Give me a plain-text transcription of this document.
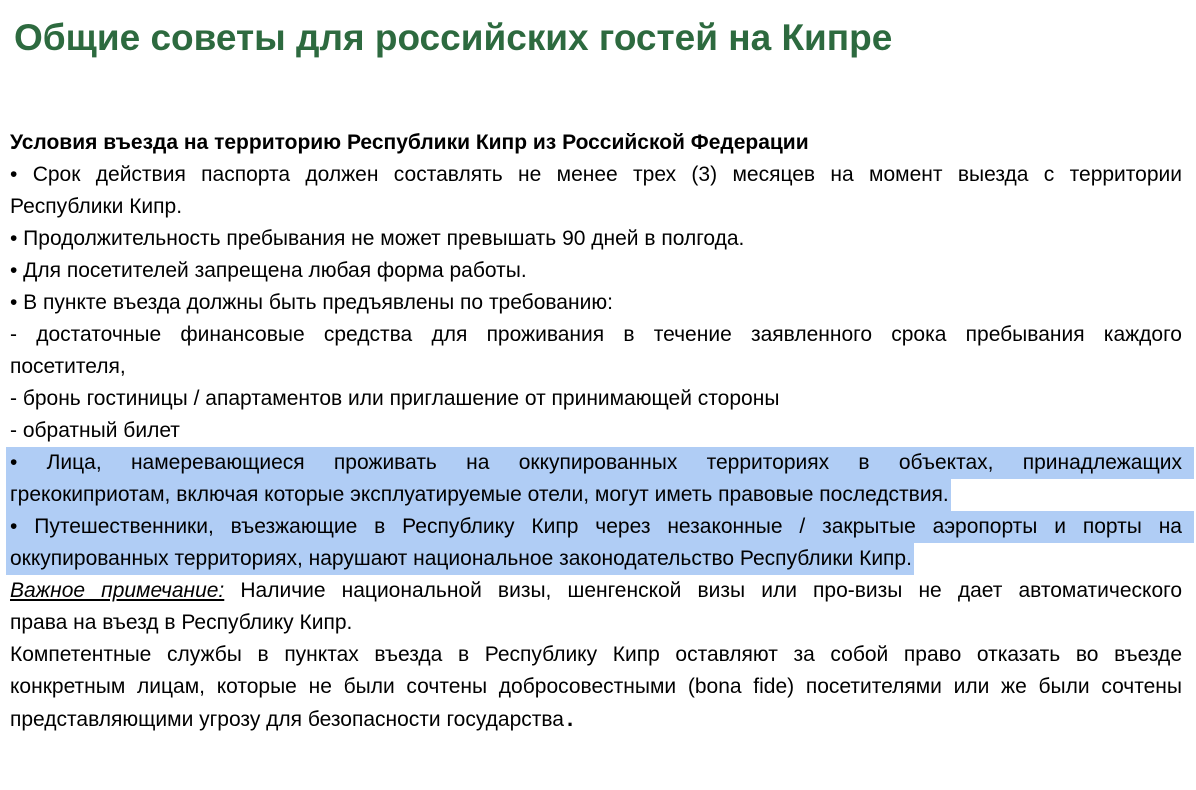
Общие советы для российских гостей на Кипре
Условия въезда на территорию Республики Кипр из Российской Федерации
• Срок действия паспорта должен составлять не менее трех (3) месяцев на момент выезда с территории
Республики Кипр.
• Продолжительность пребывания не может превышать 90 дней в полгода.
• Для посетителей запрещена любая форма работы.
• В пункте въезда должны быть предъявлены по требованию:
- достаточные финансовые средства для проживания в течение заявленного срока пребывания каждого
посетителя,
- бронь гостиницы / апартаментов или приглашение от принимающей стороны
- обратный билет
• Лица, намеревающиеся проживать на оккупированных территориях в объектах, принадлежащих
грекокиприотам, включая которые эксплуатируемые отели, могут иметь правовые последствия.
• Путешественники, въезжающие в Республику Кипр через незаконные / закрытые аэропорты и порты на
оккупированных территориях, нарушают национальное законодательство Республики Кипр.
Важное примечание: Наличие национальной визы, шенгенской визы или про-визы не дает автоматического
права на въезд в Республику Кипр.
Компетентные службы в пунктах въезда в Республику Кипр оставляют за собой право отказать во въезде
конкретным лицам, которые не были сочтены добросовестными (bona fide) посетителями или же были сочтены
представляющими угрозу для безопасности государства .
